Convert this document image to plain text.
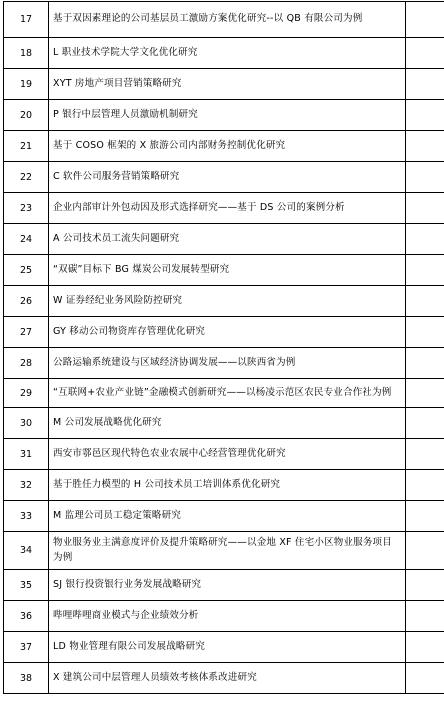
17	基于双因素理论的公司基层员工激励方案优化研究--以 QB 有限公司为例	
18	L 职业技术学院大学文化优化研究	
19	XYT 房地产项目营销策略研究	
20	P 银行中层管理人员激励机制研究	
21	基于 COSO 框架的 X 旅游公司内部财务控制优化研究	
22	C 软件公司服务营销策略研究	
23	企业内部审计外包动因及形式选择研究——基于 DS 公司的案例分析	
24	A 公司技术员工流失问题研究	
25	“双碳”目标下 BG 煤炭公司发展转型研究	
26	W 证券经纪业务风险防控研究	
27	GY 移动公司物资库存管理优化研究	
28	公路运输系统建设与区域经济协调发展——以陕西省为例	
29	“互联网+农业产业链”金融模式创新研究——以杨凌示范区农民专业合作社为例	
30	M 公司发展战略优化研究	
31	西安市鄠邑区现代特色农业农展中心经营管理优化研究	
32	基于胜任力模型的 H 公司技术员工培训体系优化研究	
33	M 监理公司员工稳定策略研究	
34	物业服务业主满意度评价及提升策略研究——以金地 XF 住宅小区物业服务项目为例	
35	SJ 银行投资银行业务发展战略研究	
36	哔哩哔哩商业模式与企业绩效分析	
37	LD 物业管理有限公司发展战略研究	
38	X 建筑公司中层管理人员绩效考核体系改进研究	
